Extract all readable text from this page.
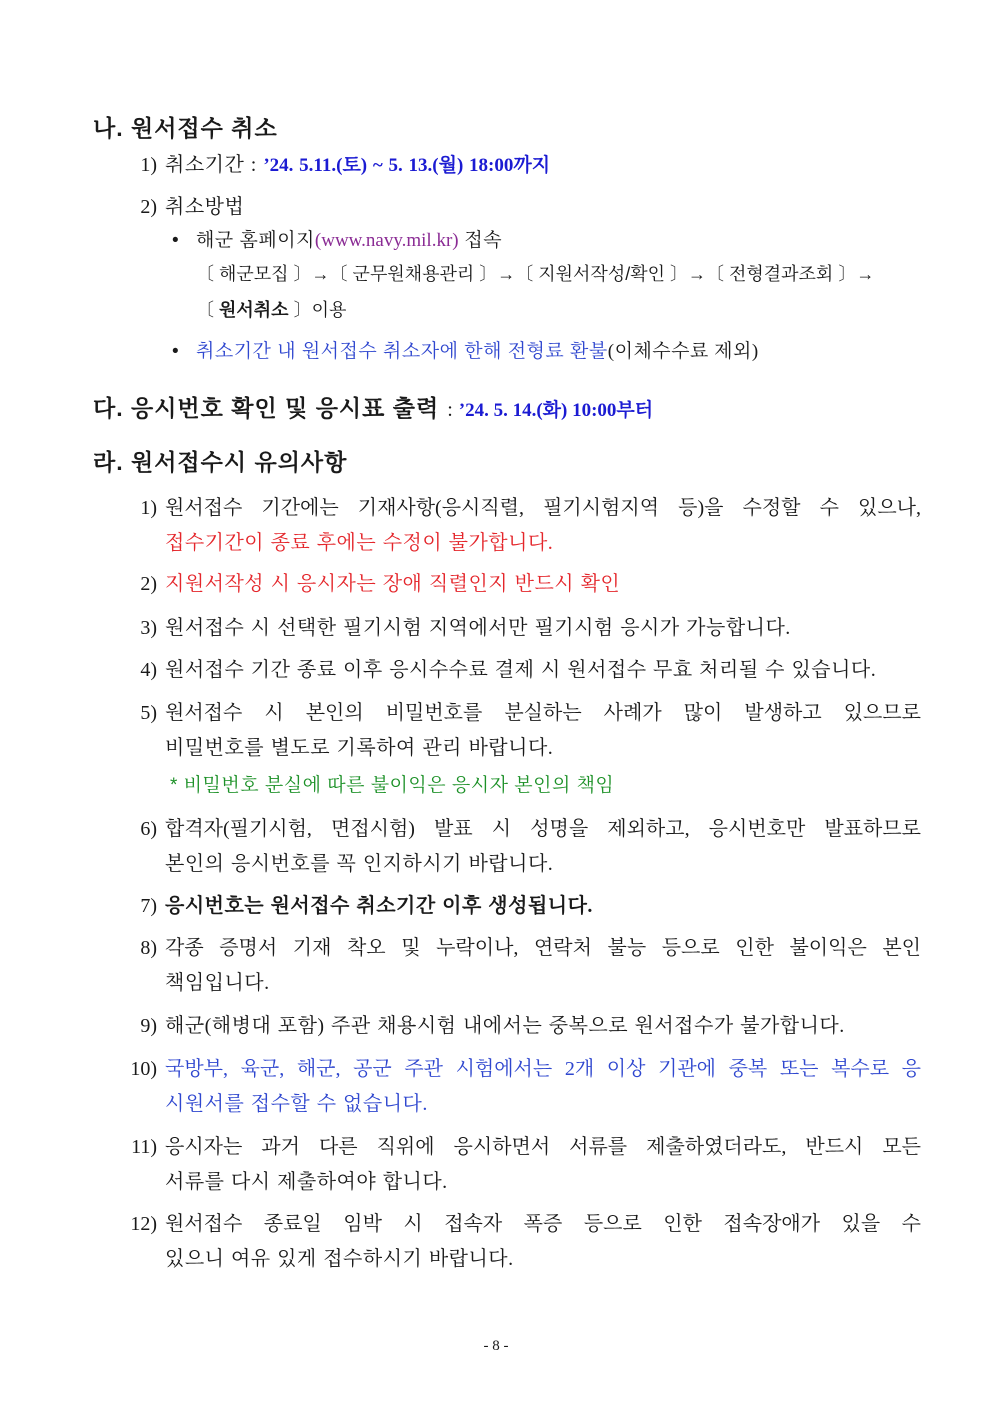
나. 원서접수 취소
1) 취소기간 : ’24. 5.11.(토) ~ 5. 13.(월) 18:00까지
2) 취소방법
• 해군 홈페이지(www.navy.mil.kr) 접속
〔 해군모집 〕→〔 군무원채용관리 〕→〔 지원서작성/확인 〕→〔 전형결과조회 〕→
〔 원서취소 〕이용
• 취소기간 내 원서접수 취소자에 한해 전형료 환불(이체수수료 제외)
다. 응시번호 확인 및 응시표 출력 : ’24. 5. 14.(화) 10:00부터
라. 원서접수시 유의사항
1) 원서접수 기간에는 기재사항(응시직렬, 필기시험지역 등)을 수정할 수 있으나,
접수기간이 종료 후에는 수정이 불가합니다.
2) 지원서작성 시 응시자는 장애 직렬인지 반드시 확인
3) 원서접수 시 선택한 필기시험 지역에서만 필기시험 응시가 가능합니다.
4) 원서접수 기간 종료 이후 응시수수료 결제 시 원서접수 무효 처리될 수 있습니다.
5) 원서접수 시 본인의 비밀번호를 분실하는 사례가 많이 발생하고 있으므로
비밀번호를 별도로 기록하여 관리 바랍니다.
* 비밀번호 분실에 따른 불이익은 응시자 본인의 책임
6) 합격자(필기시험, 면접시험) 발표 시 성명을 제외하고, 응시번호만 발표하므로
본인의 응시번호를 꼭 인지하시기 바랍니다.
7) 응시번호는 원서접수 취소기간 이후 생성됩니다.
8) 각종 증명서 기재 착오 및 누락이나, 연락처 불능 등으로 인한 불이익은 본인
책임입니다.
9) 해군(해병대 포함) 주관 채용시험 내에서는 중복으로 원서접수가 불가합니다.
10) 국방부, 육군, 해군, 공군 주관 시험에서는 2개 이상 기관에 중복 또는 복수로 응
시원서를 접수할 수 없습니다.
11) 응시자는 과거 다른 직위에 응시하면서 서류를 제출하였더라도, 반드시 모든
서류를 다시 제출하여야 합니다.
12) 원서접수 종료일 임박 시 접속자 폭증 등으로 인한 접속장애가 있을 수
있으니 여유 있게 접수하시기 바랍니다.
- 8 -
